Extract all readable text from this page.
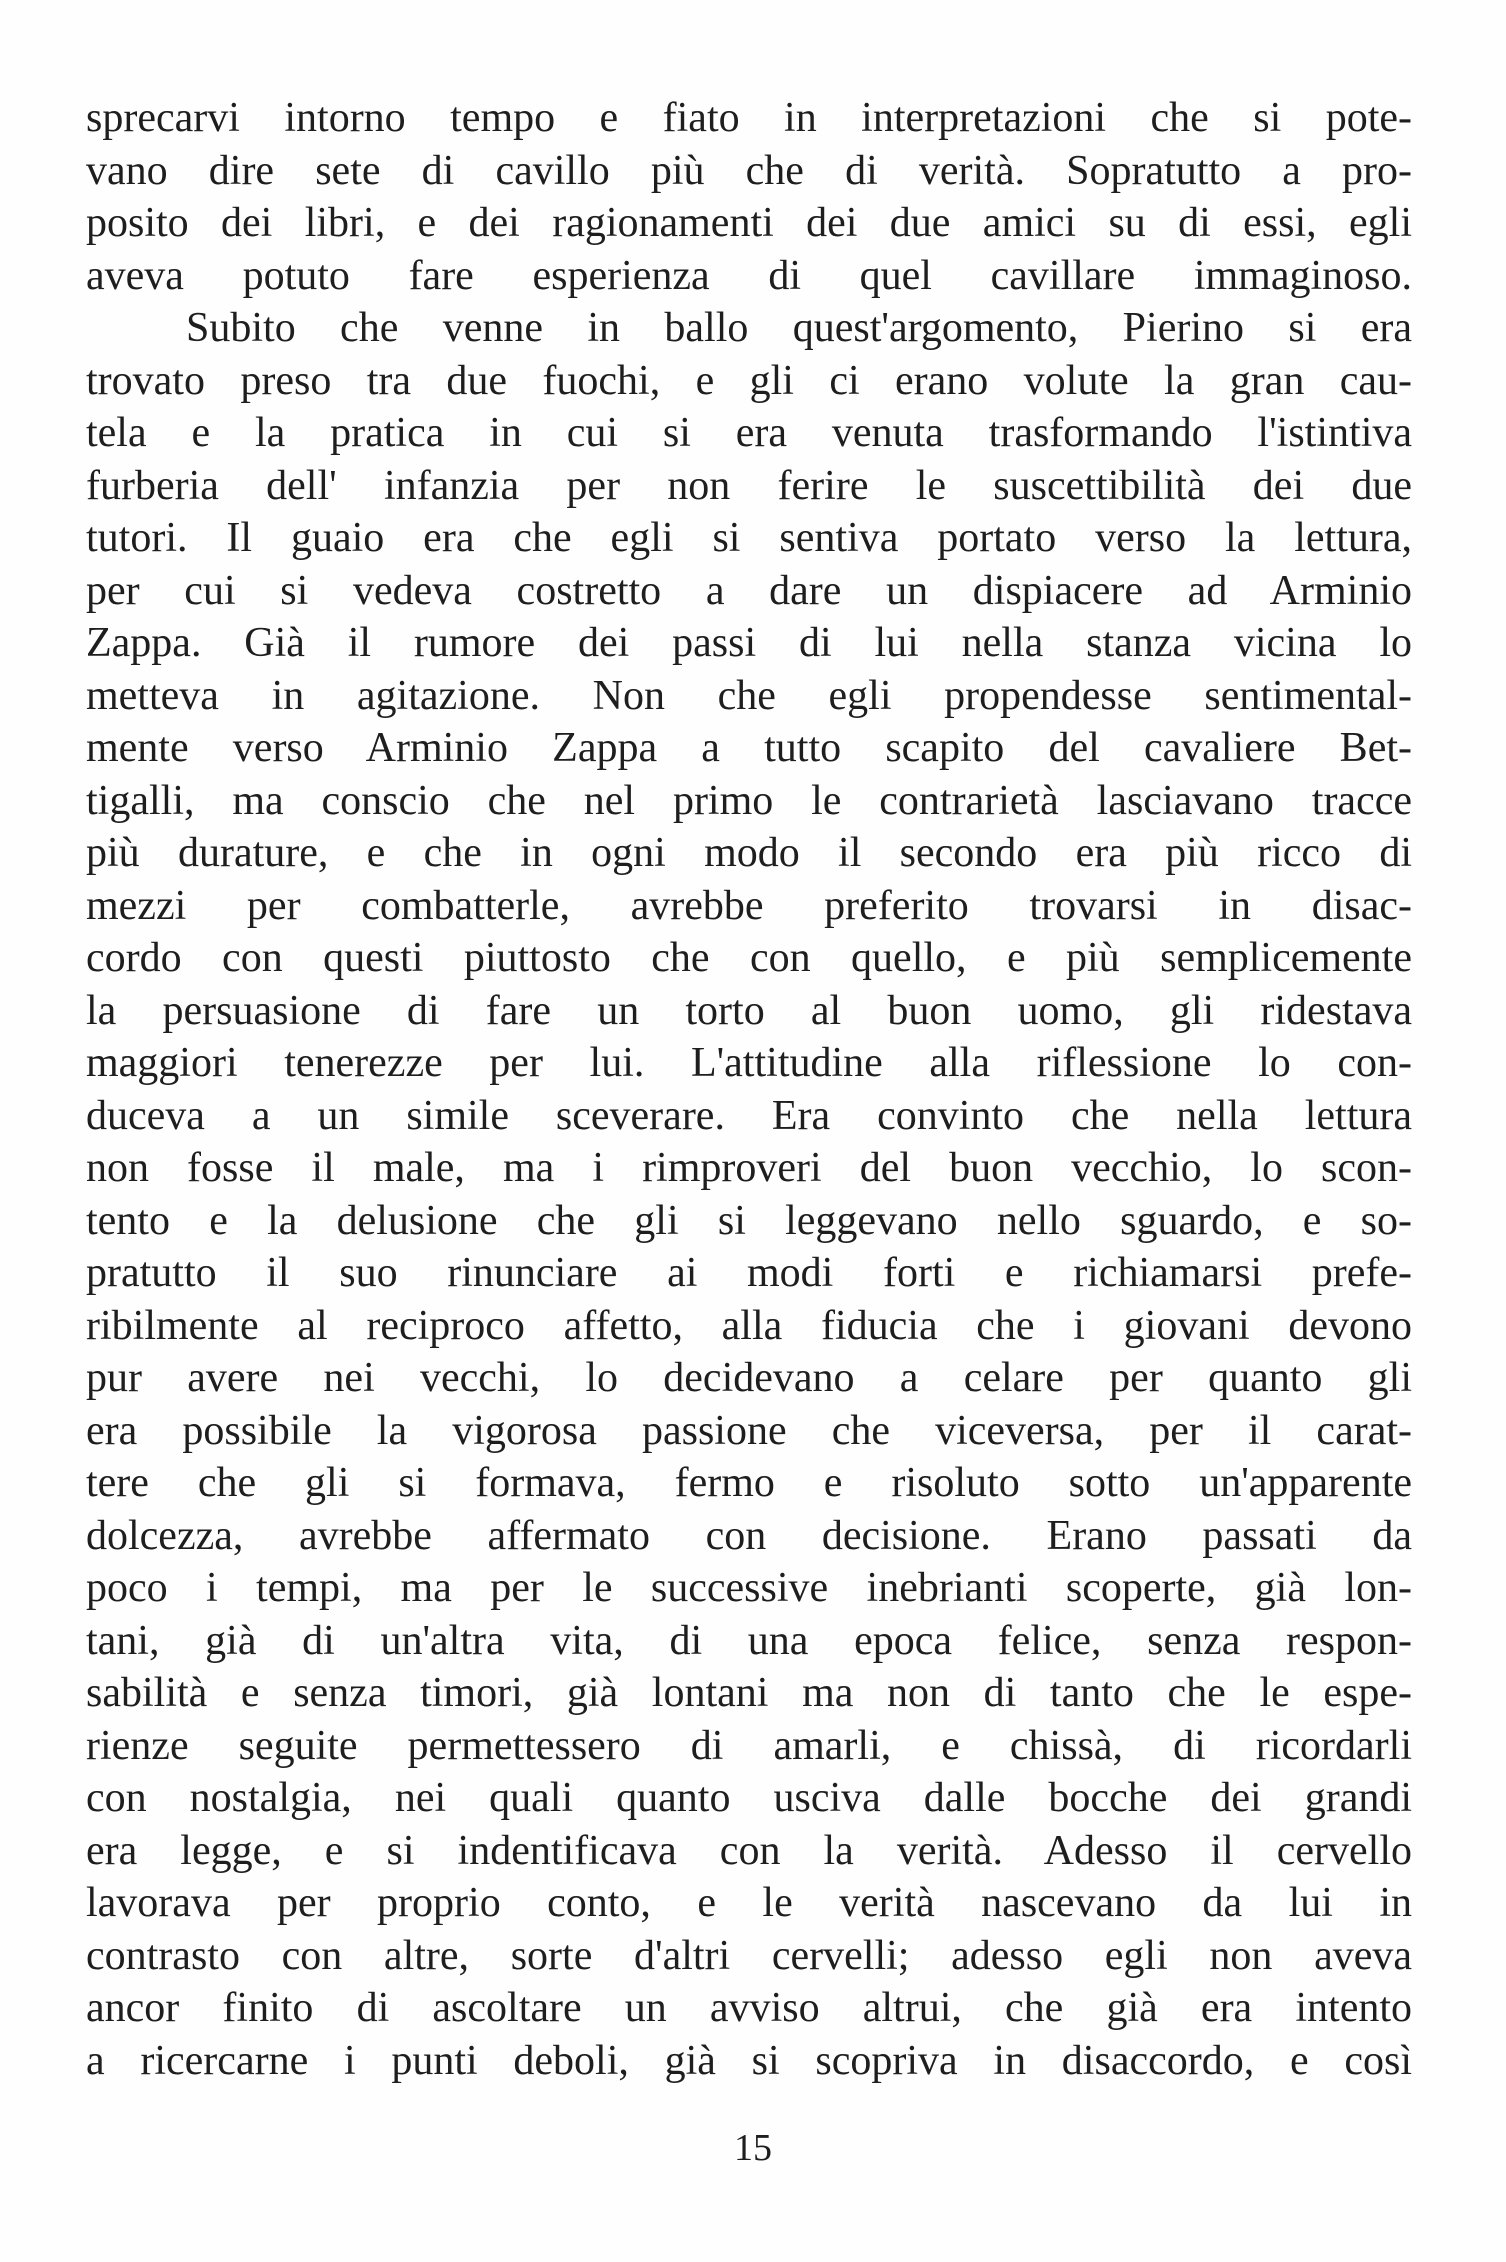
sprecarvi intorno tempo e fiato in interpretazioni che si pote-
vano dire sete di cavillo più che di verità. Sopratutto a pro-
posito dei libri, e dei ragionamenti dei due amici su di essi, egli
aveva potuto fare esperienza di quel cavillare immaginoso.
Subito che venne in ballo quest'argomento, Pierino si era
trovato preso tra due fuochi, e gli ci erano volute la gran cau-
tela e la pratica in cui si era venuta trasformando l'istintiva
furberia dell' infanzia per non ferire le suscettibilità dei due
tutori. Il guaio era che egli si sentiva portato verso la lettura,
per cui si vedeva costretto a dare un dispiacere ad Arminio
Zappa. Già il rumore dei passi di lui nella stanza vicina lo
metteva in agitazione. Non che egli propendesse sentimental-
mente verso Arminio Zappa a tutto scapito del cavaliere Bet-
tigalli, ma conscio che nel primo le contrarietà lasciavano tracce
più durature, e che in ogni modo il secondo era più ricco di
mezzi per combatterle, avrebbe preferito trovarsi in disac-
cordo con questi piuttosto che con quello, e più semplicemente
la persuasione di fare un torto al buon uomo, gli ridestava
maggiori tenerezze per lui. L'attitudine alla riflessione lo con-
duceva a un simile sceverare. Era convinto che nella lettura
non fosse il male, ma i rimproveri del buon vecchio, lo scon-
tento e la delusione che gli si leggevano nello sguardo, e so-
pratutto il suo rinunciare ai modi forti e richiamarsi prefe-
ribilmente al reciproco affetto, alla fiducia che i giovani devono
pur avere nei vecchi, lo decidevano a celare per quanto gli
era possibile la vigorosa passione che viceversa, per il carat-
tere che gli si formava, fermo e risoluto sotto un'apparente
dolcezza, avrebbe affermato con decisione. Erano passati da
poco i tempi, ma per le successive inebrianti scoperte, già lon-
tani, già di un'altra vita, di una epoca felice, senza respon-
sabilità e senza timori, già lontani ma non di tanto che le espe-
rienze seguite permettessero di amarli, e chissà, di ricordarli
con nostalgia, nei quali quanto usciva dalle bocche dei grandi
era legge, e si indentificava con la verità. Adesso il cervello
lavorava per proprio conto, e le verità nascevano da lui in
contrasto con altre, sorte d'altri cervelli; adesso egli non aveva
ancor finito di ascoltare un avviso altrui, che già era intento
a ricercarne i punti deboli, già si scopriva in disaccordo, e così
15
